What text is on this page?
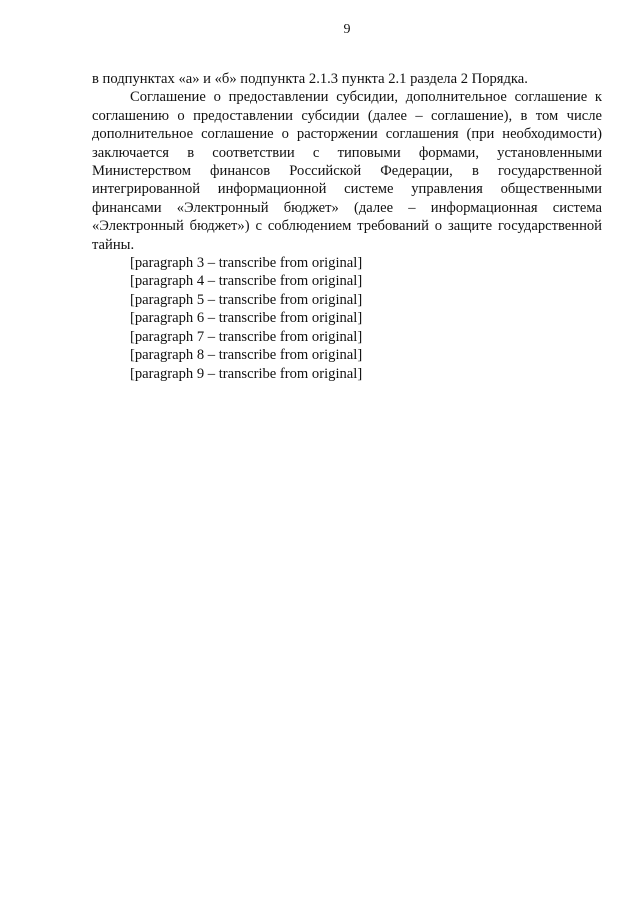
9

в подпунктах «а» и «б» подпункта 2.1.3 пункта 2.1 раздела 2 Порядка.

Соглашение о предоставлении субсидии, дополнительное соглашение к соглашению о предоставлении субсидии (далее – соглашение), в том числе дополнительное соглашение о расторжении соглашения (при необходимости) заключается в соответствии с типовыми формами, установленными Министерством финансов Российской Федерации, в государственной интегрированной информационной системе управления общественными финансами «Электронный бюджет» (далее – информационная система «Электронный бюджет») с соблюдением требований о защите государственной тайны.

[paragraph 3 – transcribe from original]

[paragraph 4 – transcribe from original]

[paragraph 5 – transcribe from original]

[paragraph 6 – transcribe from original]

[paragraph 7 – transcribe from original]

[paragraph 8 – transcribe from original]

[paragraph 9 – transcribe from original]
